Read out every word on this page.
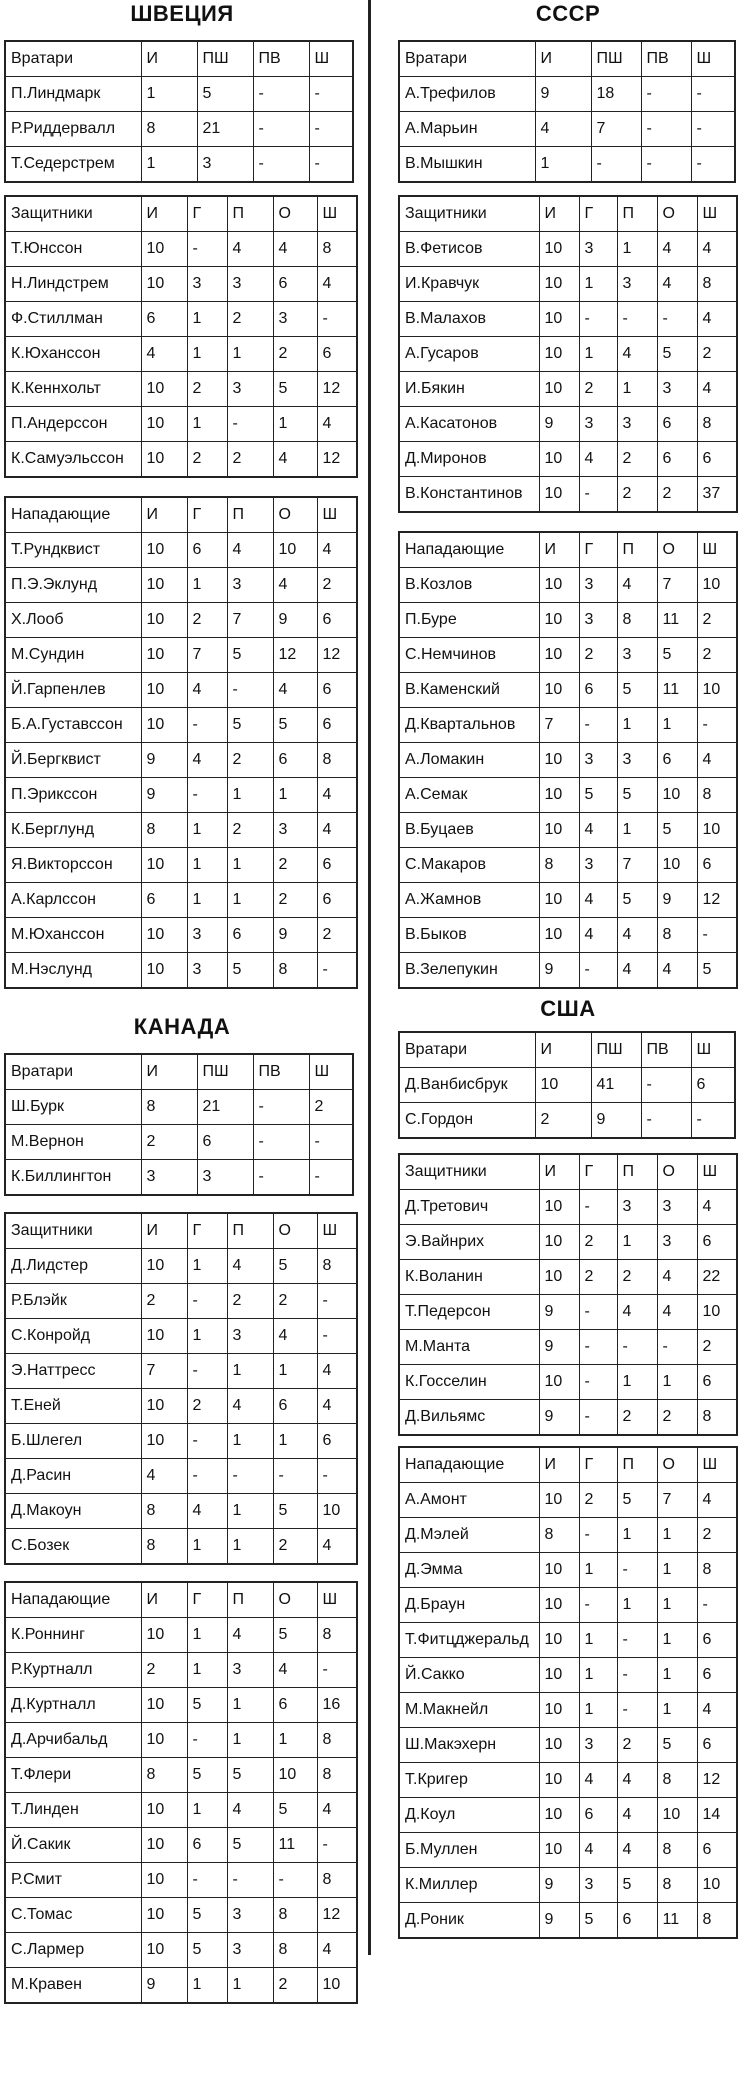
ШВЕЦИЯ
Вратари	И	ПШ	ПВ	Ш
П.Линдмарк	1	5	-	-
Р.Риддервалл	8	21	-	-
Т.Седерстрем	1	3	-	-
Защитники	И	Г	П	О	Ш
Т.Юнссон	10	-	4	4	8
Н.Линдстрем	10	3	3	6	4
Ф.Стиллман	6	1	2	3	-
К.Юханссон	4	1	1	2	6
К.Кеннхольт	10	2	3	5	12
П.Андерссон	10	1	-	1	4
К.Самуэльссон	10	2	2	4	12
Нападающие	И	Г	П	О	Ш
Т.Рундквист	10	6	4	10	4
П.Э.Эклунд	10	1	3	4	2
Х.Лооб	10	2	7	9	6
М.Сундин	10	7	5	12	12
Й.Гарпенлев	10	4	-	4	6
Б.А.Густавссон	10	-	5	5	6
Й.Бергквист	9	4	2	6	8
П.Эрикссон	9	-	1	1	4
К.Берглунд	8	1	2	3	4
Я.Викторссон	10	1	1	2	6
А.Карлссон	6	1	1	2	6
М.Юханссон	10	3	6	9	2
М.Нэслунд	10	3	5	8	-
КАНАДА
Вратари	И	ПШ	ПВ	Ш
Ш.Бурк	8	21	-	2
М.Вернон	2	6	-	-
К.Биллингтон	3	3	-	-
Защитники	И	Г	П	О	Ш
Д.Лидстер	10	1	4	5	8
Р.Блэйк	2	-	2	2	-
С.Конройд	10	1	3	4	-
Э.Наттресс	7	-	1	1	4
Т.Еней	10	2	4	6	4
Б.Шлегел	10	-	1	1	6
Д.Расин	4	-	-	-	-
Д.Макоун	8	4	1	5	10
С.Бозек	8	1	1	2	4
Нападающие	И	Г	П	О	Ш
К.Роннинг	10	1	4	5	8
Р.Куртналл	2	1	3	4	-
Д.Куртналл	10	5	1	6	16
Д.Арчибальд	10	-	1	1	8
Т.Флери	8	5	5	10	8
Т.Линден	10	1	4	5	4
Й.Сакик	10	6	5	11	-
Р.Смит	10	-	-	-	8
С.Томас	10	5	3	8	12
С.Лармер	10	5	3	8	4
М.Кравен	9	1	1	2	10
СССР
Вратари	И	ПШ	ПВ	Ш
А.Трефилов	9	18	-	-
А.Марьин	4	7	-	-
В.Мышкин	1	-	-	-
Защитники	И	Г	П	О	Ш
В.Фетисов	10	3	1	4	4
И.Кравчук	10	1	3	4	8
В.Малахов	10	-	-	-	4
А.Гусаров	10	1	4	5	2
И.Бякин	10	2	1	3	4
А.Касатонов	9	3	3	6	8
Д.Миронов	10	4	2	6	6
В.Константинов	10	-	2	2	37
Нападающие	И	Г	П	О	Ш
В.Козлов	10	3	4	7	10
П.Буре	10	3	8	11	2
С.Немчинов	10	2	3	5	2
В.Каменский	10	6	5	11	10
Д.Квартальнов	7	-	1	1	-
А.Ломакин	10	3	3	6	4
А.Семак	10	5	5	10	8
В.Буцаев	10	4	1	5	10
С.Макаров	8	3	7	10	6
А.Жамнов	10	4	5	9	12
В.Быков	10	4	4	8	-
В.Зелепукин	9	-	4	4	5
США
Вратари	И	ПШ	ПВ	Ш
Д.Ванбисбрук	10	41	-	6
С.Гордон	2	9	-	-
Защитники	И	Г	П	О	Ш
Д.Третович	10	-	3	3	4
Э.Вайнрих	10	2	1	3	6
К.Воланин	10	2	2	4	22
Т.Педерсон	9	-	4	4	10
М.Манта	9	-	-	-	2
К.Госселин	10	-	1	1	6
Д.Вильямс	9	-	2	2	8
Нападающие	И	Г	П	О	Ш
А.Амонт	10	2	5	7	4
Д.Мэлей	8	-	1	1	2
Д.Эмма	10	1	-	1	8
Д.Браун	10	-	1	1	-
Т.Фитцджеральд	10	1	-	1	6
Й.Сакко	10	1	-	1	6
М.Макнейл	10	1	-	1	4
Ш.Макэхерн	10	3	2	5	6
Т.Кригер	10	4	4	8	12
Д.Коул	10	6	4	10	14
Б.Муллен	10	4	4	8	6
К.Миллер	9	3	5	8	10
Д.Роник	9	5	6	11	8
